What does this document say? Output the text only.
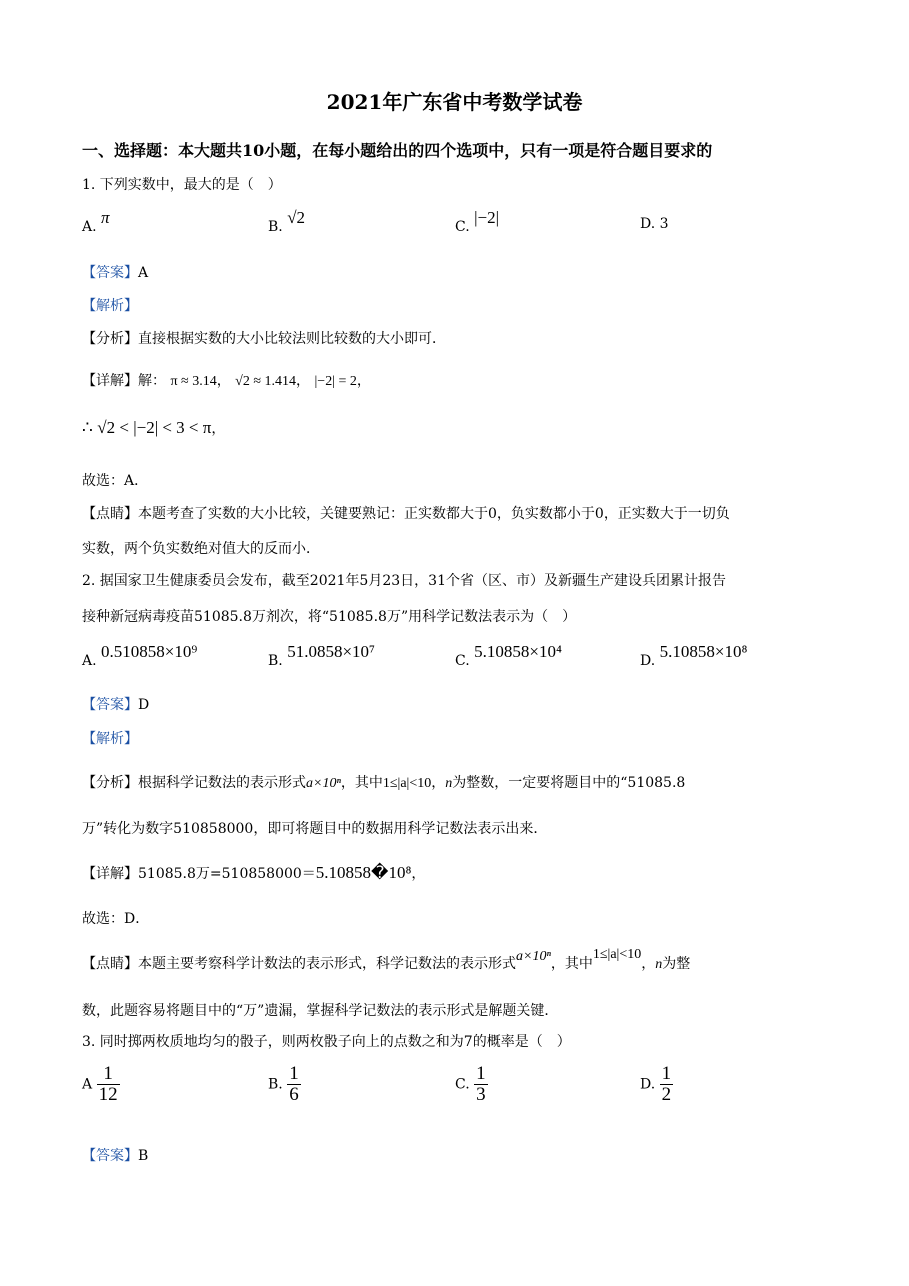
2021年广东省中考数学试卷
一、选择题：本大题共10小题，在每小题给出的四个选项中，只有一项是符合题目要求的
1. 下列实数中，最大的是（　）
A. π	B. √2	C. |−2|	D. 3
【答案】A
【解析】
【分析】直接根据实数的大小比较法则比较数的大小即可．
【详解】解： π ≈ 3.14， √2 ≈ 1.414， |−2| = 2，
∴ √2 < |−2| < 3 < π，
故选：A．
【点睛】本题考查了实数的大小比较，关键要熟记：正实数都大于0，负实数都小于0，正实数大于一切负
实数，两个负实数绝对值大的反而小．
2. 据国家卫生健康委员会发布，截至2021年5月23日，31个省（区、市）及新疆生产建设兵团累计报告
接种新冠病毒疫苗51085.8万剂次，将“51085.8万”用科学记数法表示为（　）
A. 0.510858×10⁹	B. 51.0858×10⁷	C. 5.10858×10⁴	D. 5.10858×10⁸
【答案】D
【解析】
【分析】根据科学记数法的表示形式a×10ⁿ，其中1≤|a|<10，n为整数，一定要将题目中的“51085.8
万”转化为数字510858000，即可将题目中的数据用科学记数法表示出来．
【详解】51085.8万=510858000＝5.10858�10⁸，
故选：D．
【点睛】本题主要考察科学计数法的表示形式，科学记数法的表示形式a×10ⁿ，其中1≤|a|<10，n为整
数，此题容易将题目中的“万”遗漏，掌握科学记数法的表示形式是解题关键．
3. 同时掷两枚质地均匀的骰子，则两枚骰子向上的点数之和为7的概率是（　）
A $\frac{1}{12}$	B. $\frac{1}{6}$	C. $\frac{1}{3}$	D. $\frac{1}{2}$
【答案】B
